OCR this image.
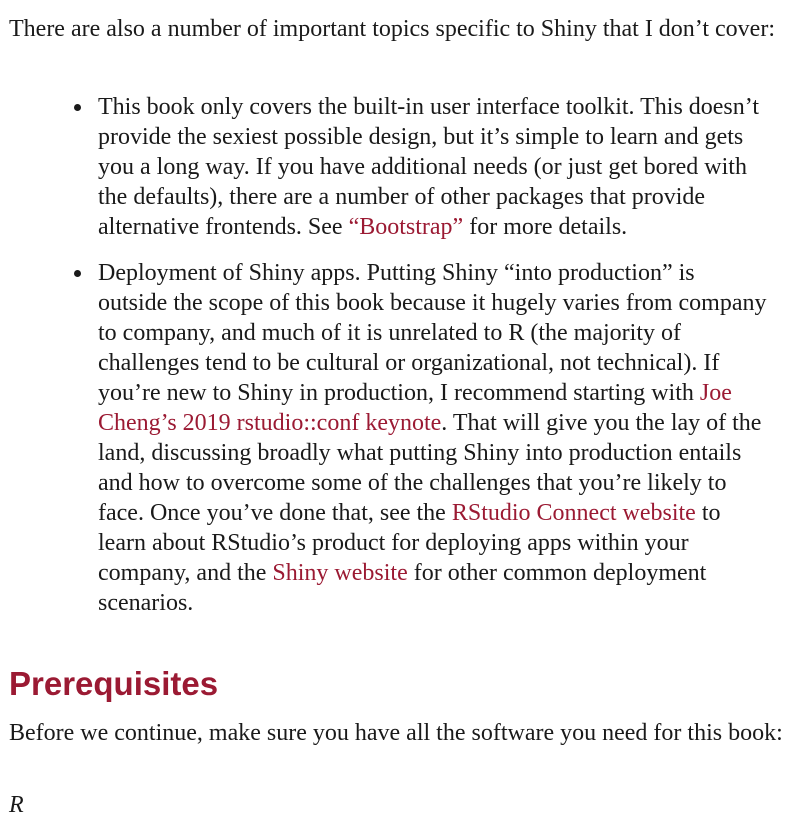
There are also a number of important topics specific to Shiny that I don’t cover:

This book only covers the built-in user interface toolkit. This doesn’t provide the sexiest possible design, but it’s simple to learn and gets you a long way. If you have additional needs (or just get bored with the defaults), there are a number of other packages that provide alternative frontends. See “Bootstrap” for more details.
Deployment of Shiny apps. Putting Shiny “into production” is outside the scope of this book because it hugely varies from company to company, and much of it is unrelated to R (the majority of challenges tend to be cultural or organizational, not technical). If you’re new to Shiny in production, I recommend starting with Joe Cheng’s 2019 rstudio::conf keynote. That will give you the lay of the land, discussing broadly what putting Shiny into production entails and how to overcome some of the challenges that you’re likely to face. Once you’ve done that, see the RStudio Connect website to learn about RStudio’s product for deploying apps within your company, and the Shiny website for other common deployment scenarios.
Prerequisites

Before we continue, make sure you have all the software you need for this book:

R
